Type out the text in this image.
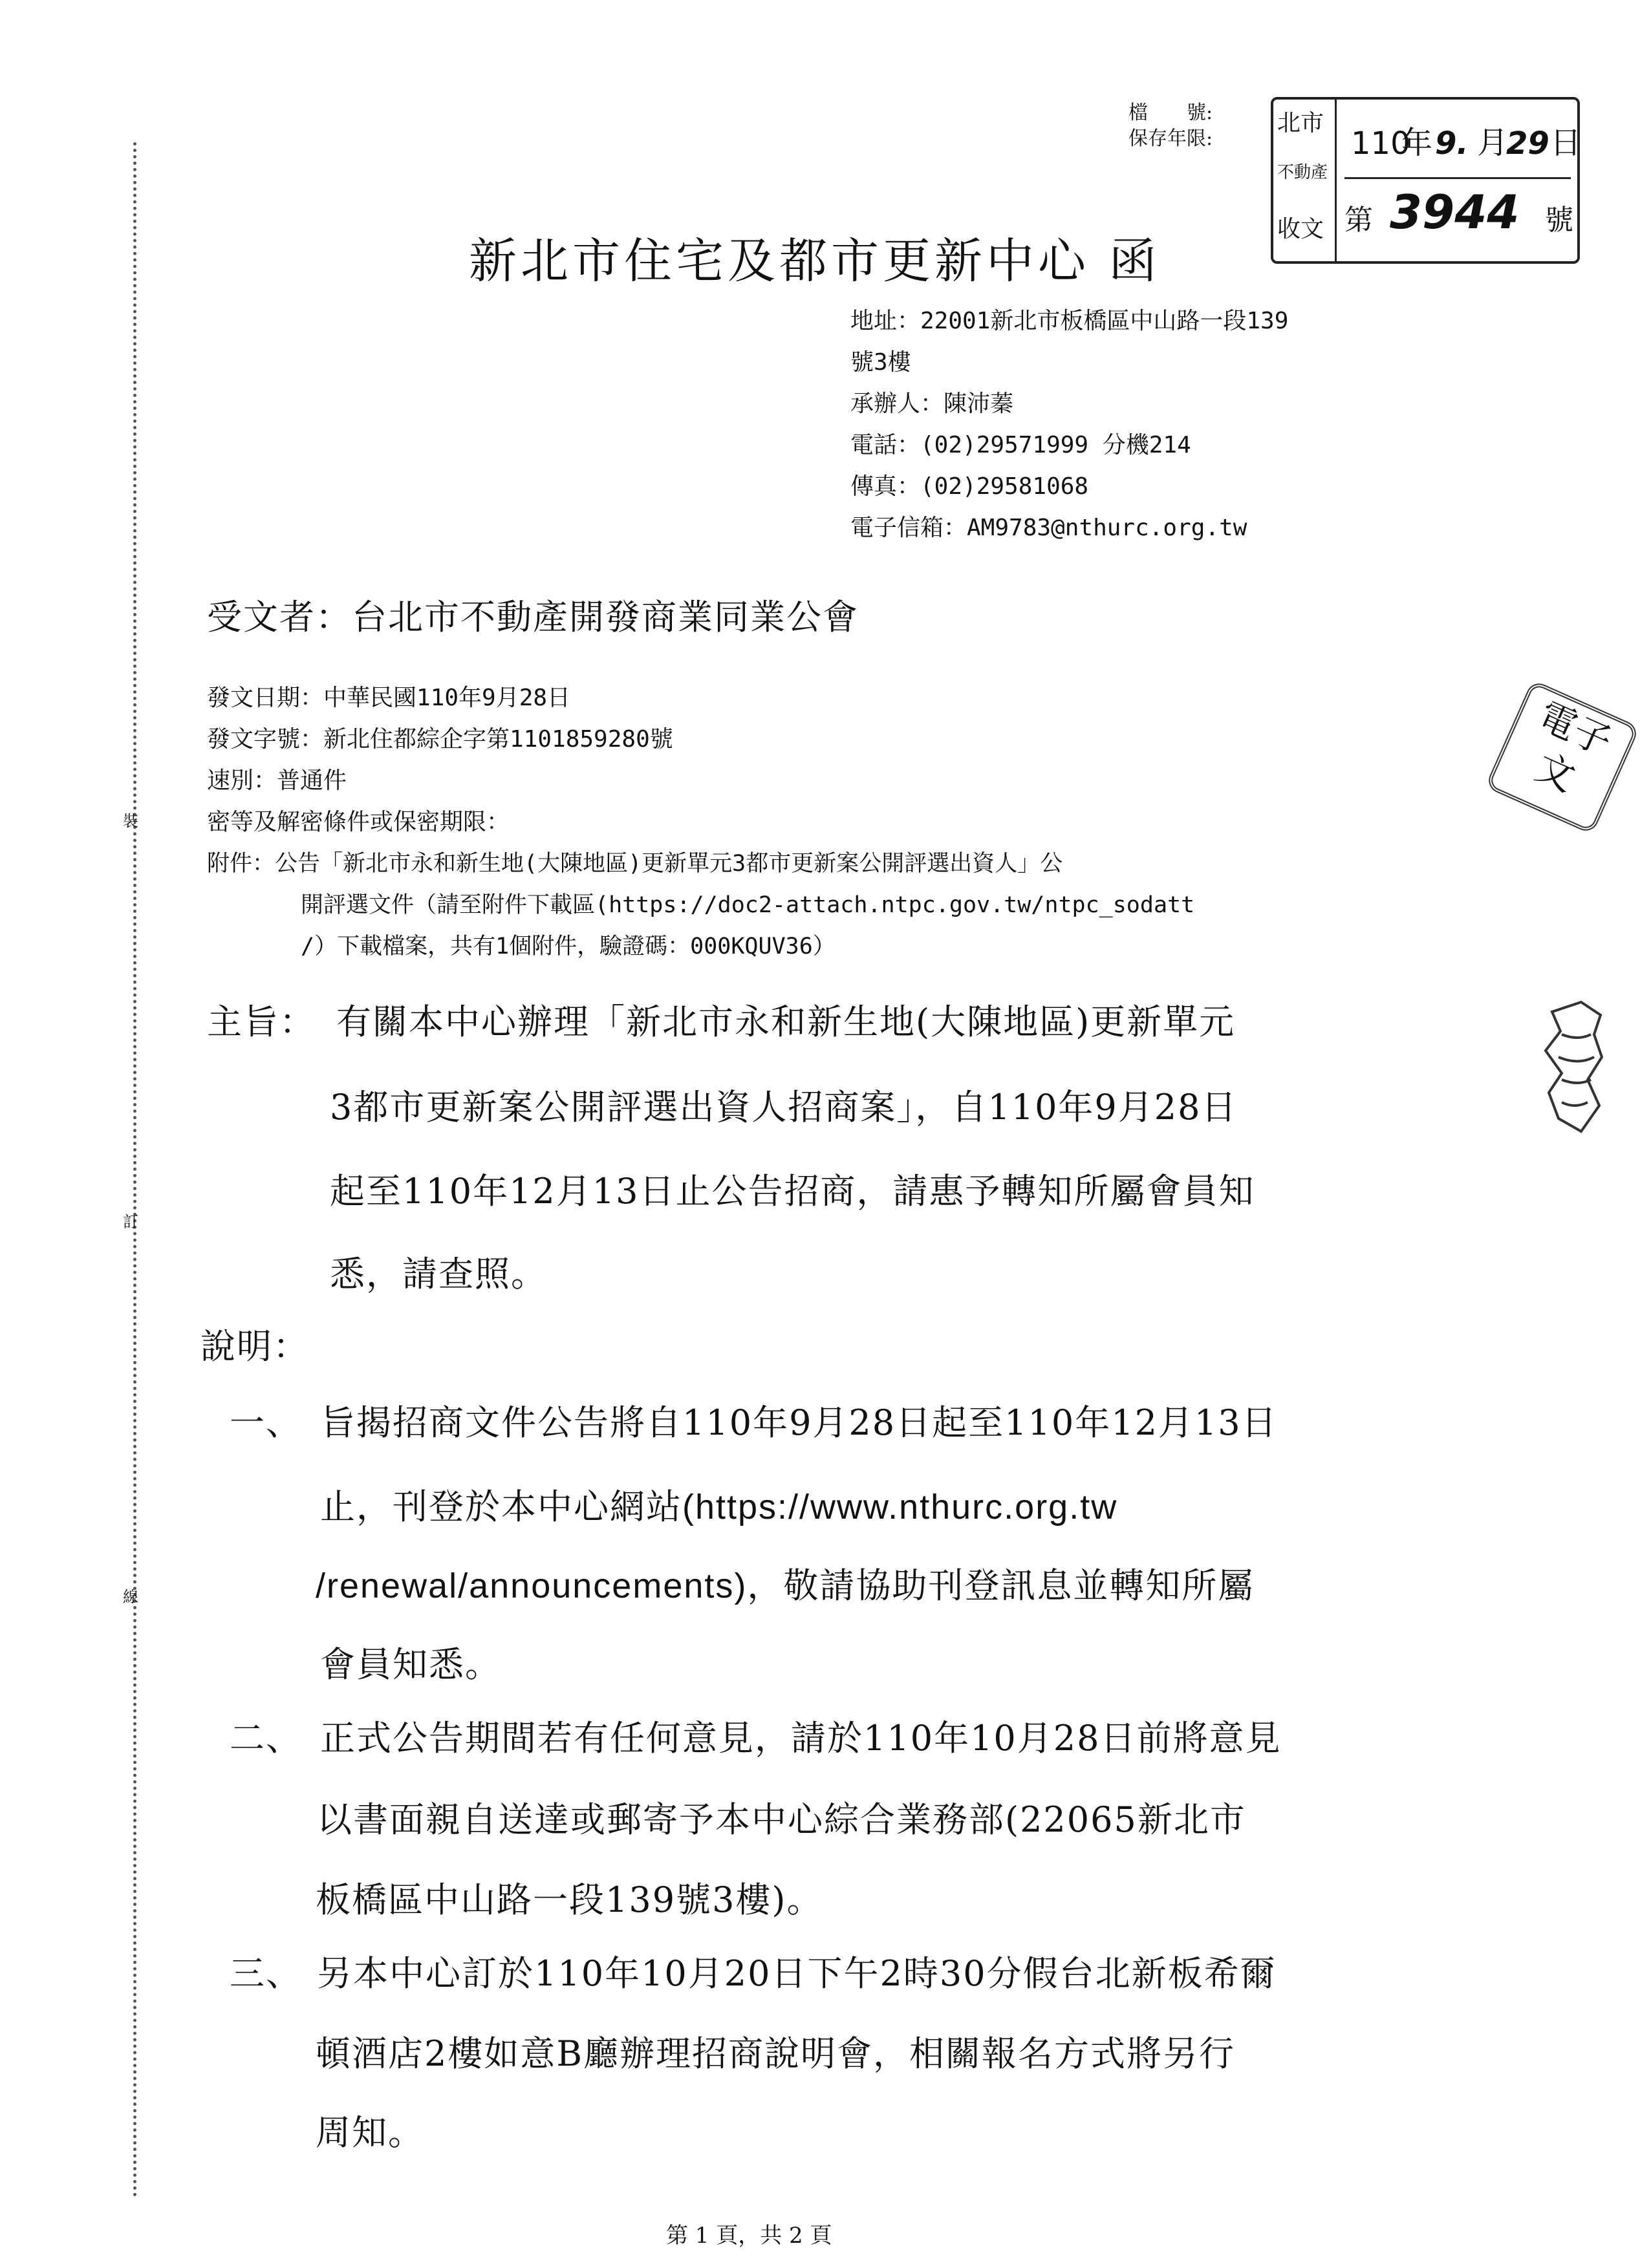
裝
訂
線
檔　　號:
保存年限:
北市
不動產
收文
110
年 9. 月
29 日
第 3944 號
新北市住宅及都市更新中心 函
地址：22001新北市板橋區中山路一段139
號3樓
承辦人：陳沛蓁
電話：(02)29571999 分機214
傳真：(02)29581068
電子信箱：AM9783@nthurc.org.tw
受文者：台北市不動產開發商業同業公會
發文日期：中華民國110年9月28日
發文字號：新北住都綜企字第1101859280號
速別：普通件
密等及解密條件或保密期限：
附件：公告「新北市永和新生地(大陳地區)更新單元3都市更新案公開評選出資人」公
開評選文件（請至附件下載區(https://doc2-attach.ntpc.gov.tw/ntpc_sodatt
/）下載檔案，共有1個附件，驗證碼：000KQUV36）
主旨： 有關本中心辦理「新北市永和新生地(大陳地區)更新單元
3都市更新案公開評選出資人招商案」，自110年9月28日
起至110年12月13日止公告招商，請惠予轉知所屬會員知
悉，請查照。
說明：
一、 旨揭招商文件公告將自110年9月28日起至110年12月13日
止，刊登於本中心網站(https://www.nthurc.org.tw
/renewal/announcements)，敬請協助刊登訊息並轉知所屬
會員知悉。
二、 正式公告期間若有任何意見，請於110年10月28日前將意見
以書面親自送達或郵寄予本中心綜合業務部(22065新北市
板橋區中山路一段139號3樓)。
三、 另本中心訂於110年10月20日下午2時30分假台北新板希爾
頓酒店2樓如意B廳辦理招商說明會，相關報名方式將另行
周知。
電子文
第 1 頁，共 2 頁
